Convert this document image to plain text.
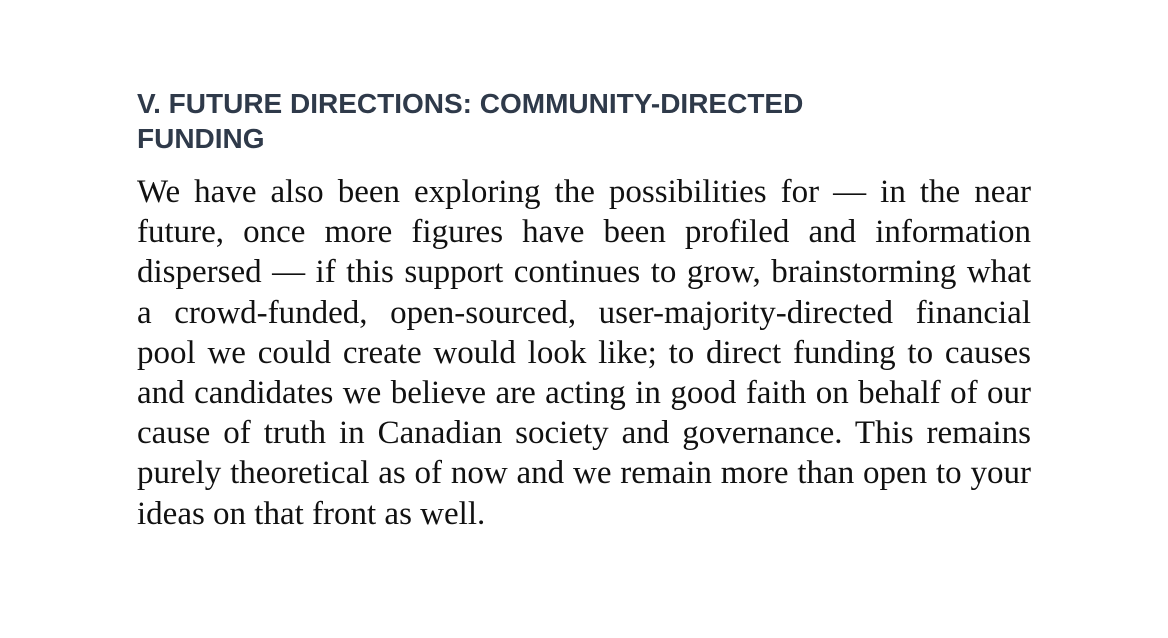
V. FUTURE DIRECTIONS: COMMUNITY-DIRECTED FUNDING

We have also been exploring the possibilities for — in the near future, once more figures have been profiled and information dispersed — if this support continues to grow, brainstorming what a crowd-funded, open-sourced, user-majority-directed financial pool we could create would look like; to direct funding to causes and candidates we believe are acting in good faith on behalf of our cause of truth in Canadian society and governance. This remains purely theoretical as of now and we remain more than open to your ideas on that front as well.
